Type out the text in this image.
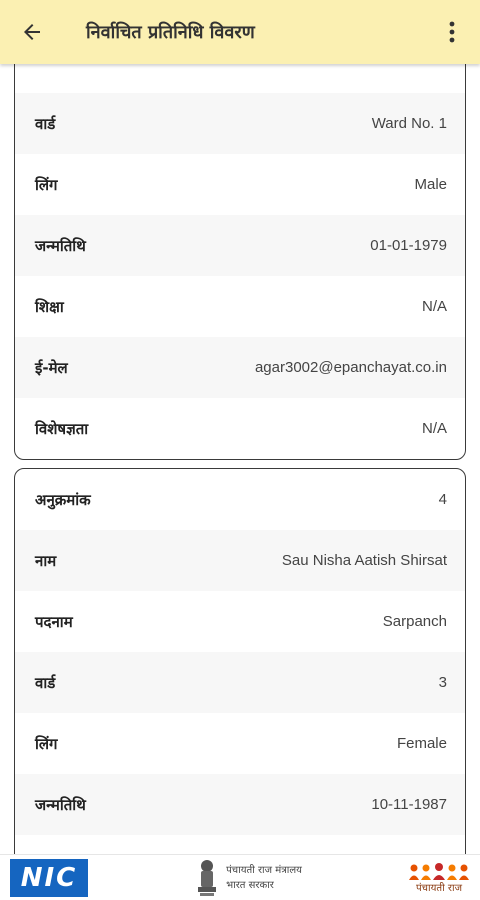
निर्वाचित प्रतिनिधि विवरण
वार्ड	Ward No. 1
लिंग	Male
जन्मतिथि	01-01-1979
शिक्षा	N/A
ई-मेल	agar3002@epanchayat.co.in
विशेषज्ञता	N/A
अनुक्रमांक	4
नाम	Sau Nisha Aatish Shirsat
पदनाम	Sarpanch
वार्ड	3
लिंग	Female
जन्मतिथि	10-11-1987
NIC	पंचायती राज मंत्रालय
भारत सरकार	पंचायती राज
